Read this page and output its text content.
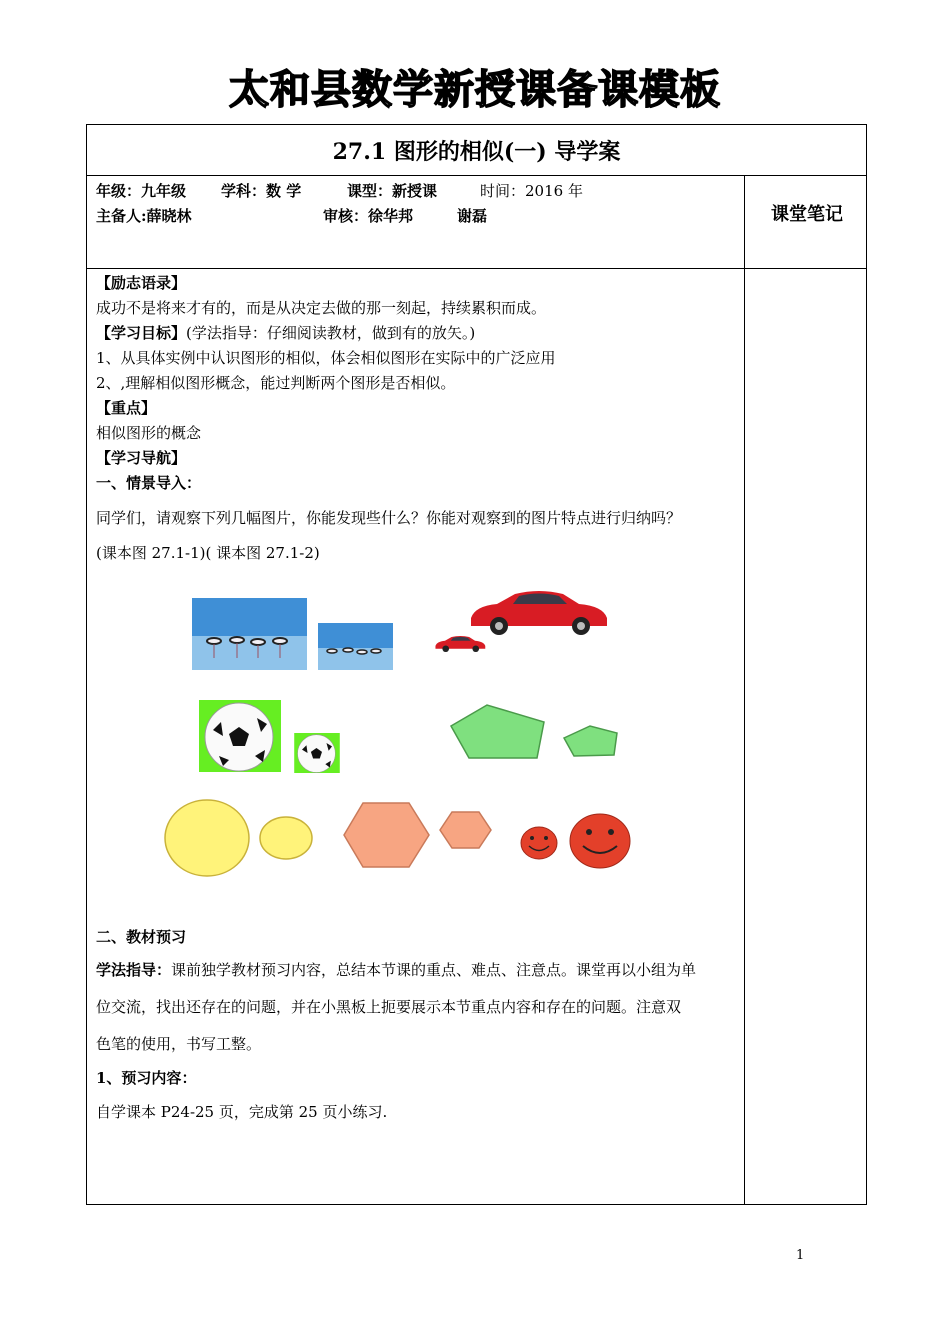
太和县数学新授课备课模板
27.1 图形的相似(一) 导学案
年级：九年级 学科：数 学	课型：新授课	时间：2016 年
主备人:薛晓林	审核：徐华邦	谢磊	课堂笔记
【励志语录】
成功不是将来才有的，而是从决定去做的那一刻起，持续累积而成。
【学习目标】(学法指导：仔细阅读教材，做到有的放矢。)
1、从具体实例中认识图形的相似，体会相似图形在实际中的广泛应用
2、,理解相似图形概念，能过判断两个图形是否相似。
【重点】
相似图形的概念
【学习导航】
一、情景导入：
同学们，请观察下列几幅图片，你能发现些什么？你能对观察到的图片特点进行归纳吗？
(课本图 27.1-1)( 课本图 27.1-2)
二、教材预习
学法指导：课前独学教材预习内容，总结本节课的重点、难点、注意点。课堂再以小组为单
位交流，找出还存在的问题，并在小黑板上扼要展示本节重点内容和存在的问题。注意双
色笔的使用，书写工整。
1、预习内容：
自学课本 P24-25 页，完成第 25 页小练习.
1
